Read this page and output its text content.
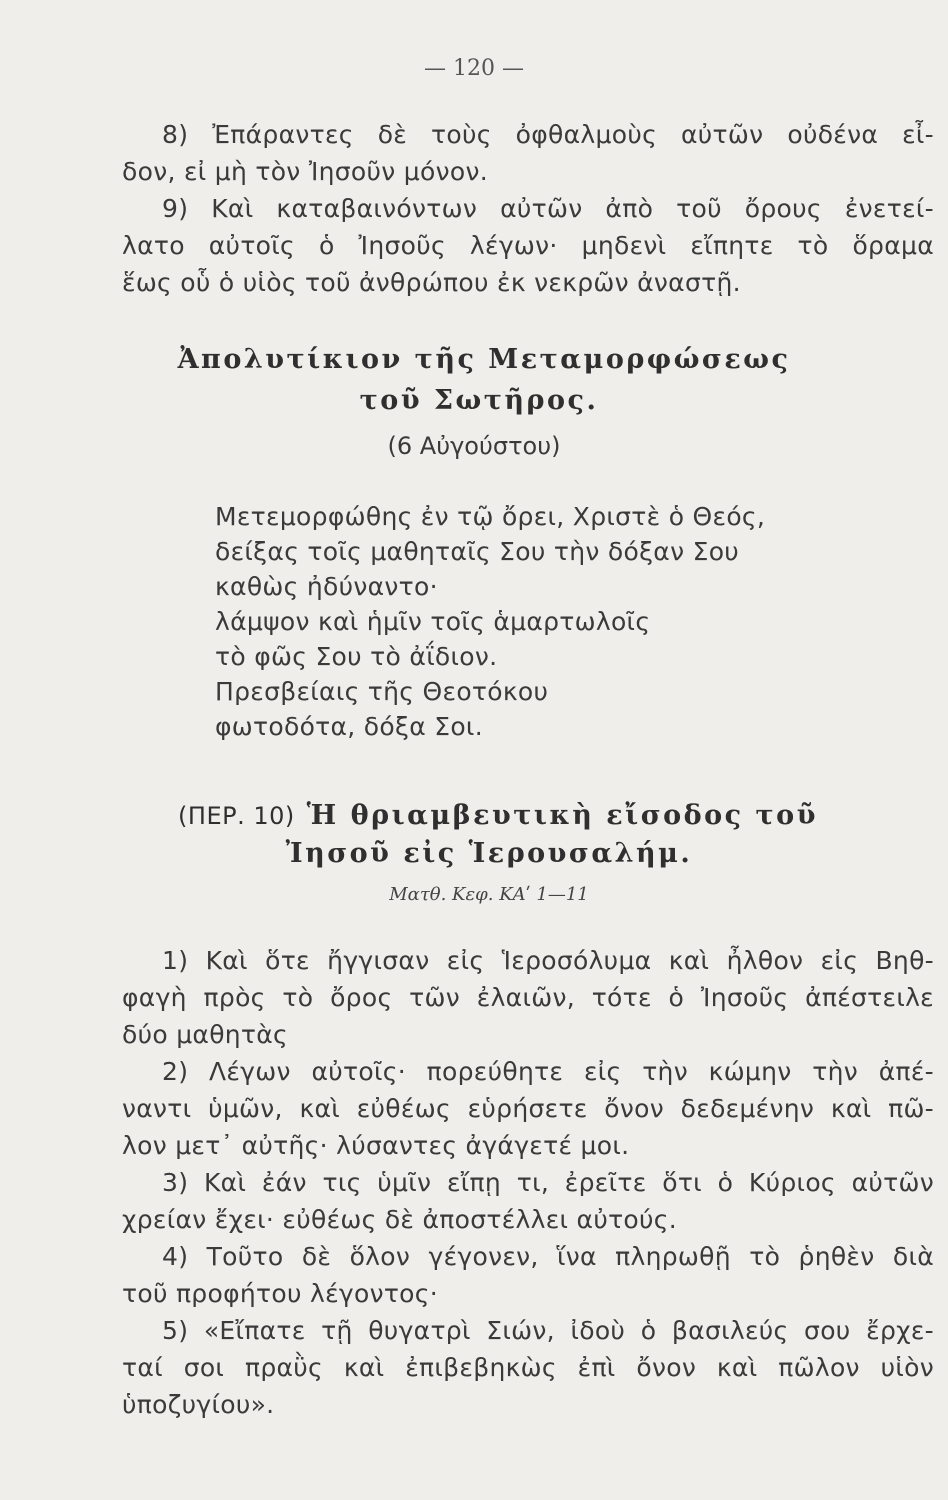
— 120 —
8) Ἐπάραντες δὲ τοὺς ὀφθαλμοὺς αὐτῶν οὐδένα εἶ-
δον, εἰ μὴ τὸν Ἰησοῦν μόνον.
9) Καὶ καταβαινόντων αὐτῶν ἀπὸ τοῦ ὄρους ἐνετεί-
λατο αὐτοῖς ὁ Ἰησοῦς λέγων· μηδενὶ εἴπητε τὸ ὅραμα
ἕως οὗ ὁ υἱὸς τοῦ ἀνθρώπου ἐκ νεκρῶν ἀναστῇ.
Ἀπολυτίκιον τῆς Μεταμορφώσεως
τοῦ Σωτῆρος.
(6 Αὐγούστου)
Μετεμορφώθης ἐν τῷ ὄρει, Χριστὲ ὁ Θεός,
δείξας τοῖς μαθηταῖς Σου τὴν δόξαν Σου
καθὼς ἠδύναντο·
λάμψον καὶ ἡμῖν τοῖς ἁμαρτωλοῖς
τὸ φῶς Σου τὸ ἀΐδιον.
Πρεσβείαις τῆς Θεοτόκου
φωτοδότα, δόξα Σοι.
(ΠΕΡ. 10) Ἡ θριαμβευτικὴ εἴσοδος τοῦ
Ἰησοῦ εἰς Ἱερουσαλήμ.
Ματθ. Κεφ. ΚΑʹ 1—11
1) Καὶ ὅτε ἤγγισαν εἰς Ἱεροσόλυμα καὶ ἦλθον εἰς Βηθ-
φαγὴ πρὸς τὸ ὄρος τῶν ἐλαιῶν, τότε ὁ Ἰησοῦς ἀπέστειλε
δύο μαθητὰς
2) Λέγων αὐτοῖς· πορεύθητε εἰς τὴν κώμην τὴν ἀπέ-
ναντι ὑμῶν, καὶ εὐθέως εὑρήσετε ὄνον δεδεμένην καὶ πῶ-
λον μετ᾽ αὐτῆς· λύσαντες ἀγάγετέ μοι.
3) Καὶ ἐάν τις ὑμῖν εἴπῃ τι, ἐρεῖτε ὅτι ὁ Κύριος αὐτῶν
χρείαν ἔχει· εὐθέως δὲ ἀποστέλλει αὐτούς.
4) Τοῦτο δὲ ὅλον γέγονεν, ἵνα πληρωθῇ τὸ ῥηθὲν διὰ
τοῦ προφήτου λέγοντος·
5) «Εἴπατε τῇ θυγατρὶ Σιών, ἰδοὺ ὁ βασιλεύς σου ἔρχε-
ταί σοι πραῢς καὶ ἐπιβεβηκὼς ἐπὶ ὄνον καὶ πῶλον υἱὸν
ὑποζυγίου».
